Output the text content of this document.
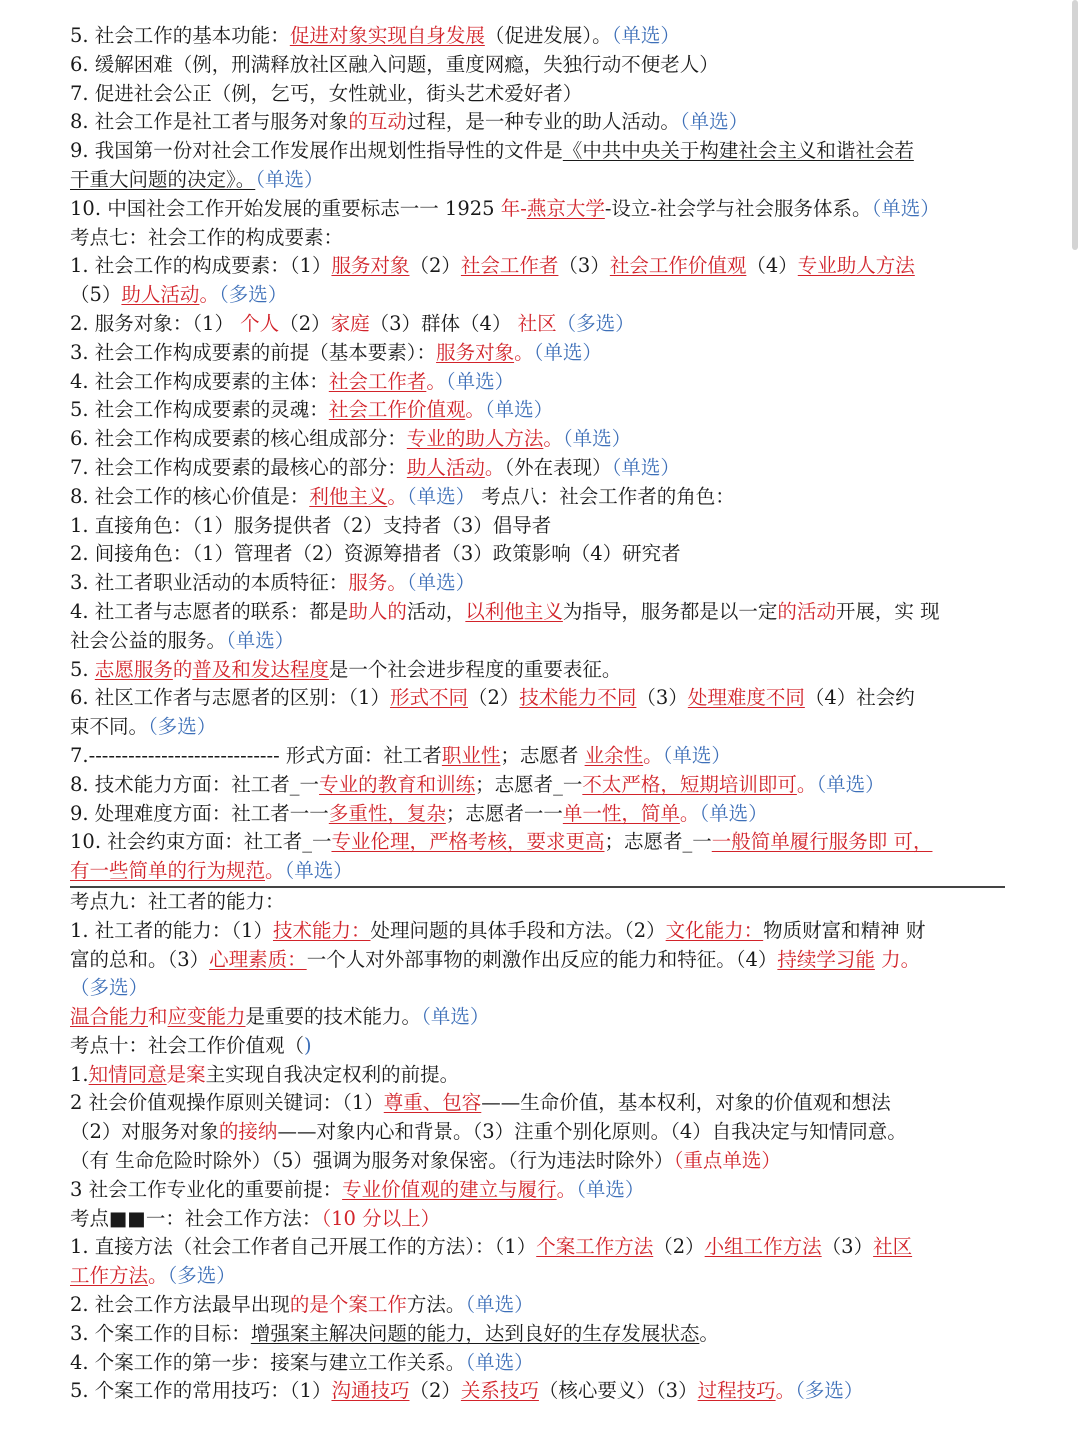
5. 社会工作的基本功能：促进对象实现自身发展（促进发展）。（单选）
6. 缓解困难（例，刑满释放社区融入问题，重度网瘾，失独行动不便老人）
7. 促进社会公正（例，乞丐，女性就业，街头艺术爱好者）
8. 社会工作是社工者与服务对象的互动过程，是一种专业的助人活动。（单选）
9. 我国第一份对社会工作发展作出规划性指导性的文件是《中共中央关于构建社会主义和谐社会若
干重大问题的决定》。（单选）
10. 中国社会工作开始发展的重要标志一一 1925 年-燕京大学-设立-社会学与社会服务体系。（单选）
考点七：社会工作的构成要素：
1. 社会工作的构成要素：（1）服务对象（2）社会工作者（3）社会工作价值观（4）专业助人方法
（5）助人活动。（多选）
2. 服务对象：（1） 个人（2）家庭（3）群体（4） 社区（多选）
3. 社会工作构成要素的前提（基本要素）：服务对象。（单选）
4. 社会工作构成要素的主体：社会工作者。（单选）
5. 社会工作构成要素的灵魂：社会工作价值观。（单选）
6. 社会工作构成要素的核心组成部分：专业的助人方法。（单选）
7. 社会工作构成要素的最核心的部分：助人活动。（外在表现）（单选）
8. 社会工作的核心价值是：利他主义。（单选） 考点八：社会工作者的角色：
1. 直接角色：（1）服务提供者（2）支持者（3）倡导者
2. 间接角色：（1）管理者（2）资源筹措者（3）政策影响（4）研究者
3. 社工者职业活动的本质特征：服务。（单选）
4. 社工者与志愿者的联系：都是助人的活动，以利他主义为指导，服务都是以一定的活动开展，实 现
社会公益的服务。（单选）
5. 志愿服务的普及和发达程度是一个社会进步程度的重要表征。
6. 社区工作者与志愿者的区别：（1）形式不同（2）技术能力不同（3）处理难度不同（4）社会约
束不同。（多选）
7.----------------------------- 形式方面：社工者职业性；志愿者 业余性。（单选）
8. 技术能力方面：社工者_一专业的教育和训练；志愿者_一不太严格，短期培训即可。（单选）
9. 处理难度方面：社工者一一多重性，复杂；志愿者一一单一性，简单。（单选）
10. 社会约束方面：社工者_一专业伦理，严格考核，要求更高；志愿者_一一般简单履行服务即 可，
有一些简单的行为规范。（单选）
考点九：社工者的能力：
1. 社工者的能力：（1）技术能力：处理问题的具体手段和方法。（2）文化能力：物质财富和精神 财
富的总和。（3）心理素质：一个人对外部事物的刺激作出反应的能力和特征。（4）持续学习能 力。
（多选）
温合能力和应变能力是重要的技术能力。（单选）
考点十：社会工作价值观（)
1.知情同意是案主实现自我决定权利的前提。
2 社会价值观操作原则关键词：（1）尊重、包容——生命价值，基本权利，对象的价值观和想法
（2）对服务对象的接纳——对象内心和背景。（3）注重个别化原则。（4）自我决定与知情同意。
（有 生命危险时除外）（5）强调为服务对象保密。（行为违法时除外）（重点单选）
3 社会工作专业化的重要前提：专业价值观的建立与履行。（单选）
考点■■一：社会工作方法：（10 分以上）
1. 直接方法（社会工作者自己开展工作的方法）：（1）个案工作方法（2）小组工作方法（3）社区
工作方法。（多选）
2. 社会工作方法最早出现的是个案工作方法。（单选）
3. 个案工作的目标：增强案主解决问题的能力，达到良好的生存发展状态。
4. 个案工作的第一步：接案与建立工作关系。（单选）
5. 个案工作的常用技巧：（1）沟通技巧（2）关系技巧（核心要义）（3）过程技巧。（多选）
